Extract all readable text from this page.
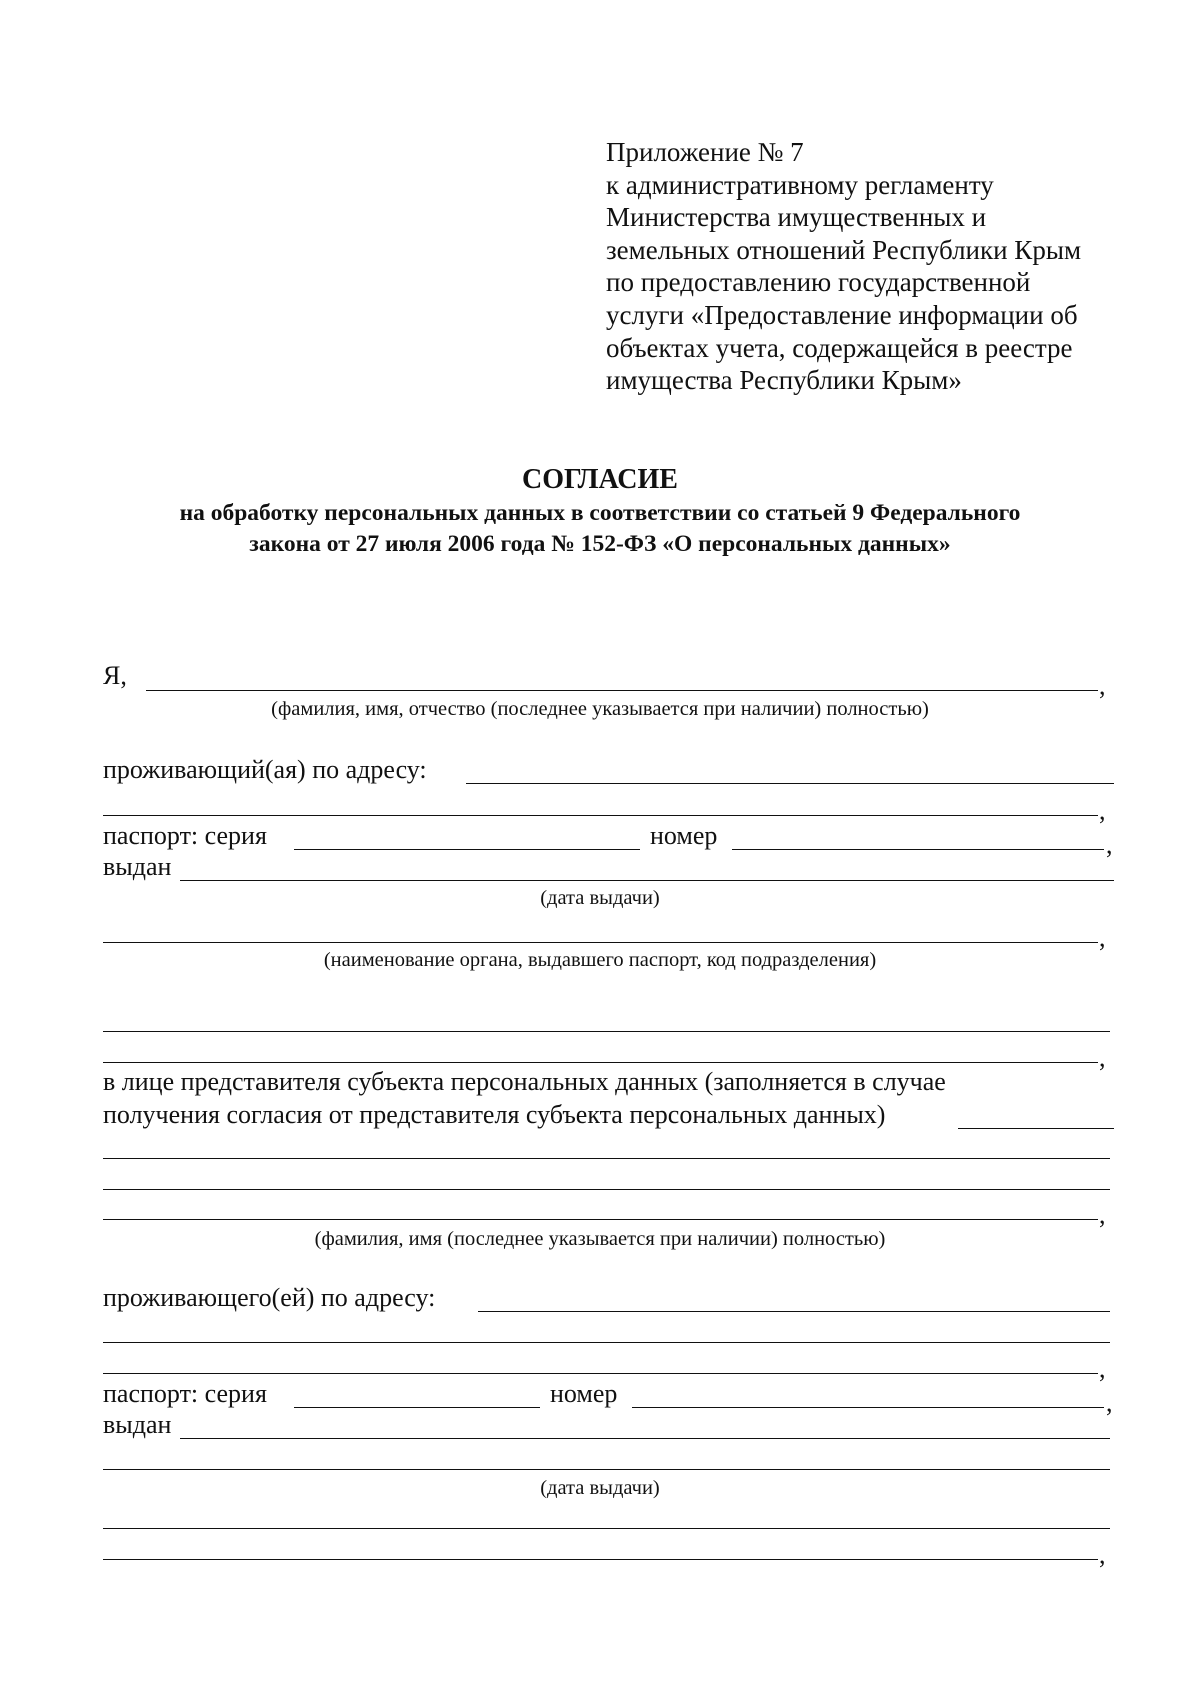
Приложение № 7
к административному регламенту
Министерства имущественных и
земельных отношений Республики Крым
по предоставлению государственной
услуги «Предоставление информации об
объектах учета, содержащейся в реестре
имущества Республики Крым»
СОГЛАСИЕ
на обработку персональных данных в соответствии со статьей 9 Федерального
закона от 27 июля 2006 года № 152-ФЗ «О персональных данных»
Я,	,
(фамилия, имя, отчество (последнее указывается при наличии) полностью)
проживающий(ая) по адресу:
,
паспорт: серия	номер	,
выдан
(дата выдачи)
,
(наименование органа, выдавшего паспорт, код подразделения)
,
в лице представителя субъекта персональных данных (заполняется в случае
получения согласия от представителя субъекта персональных данных)
,
(фамилия, имя (последнее указывается при наличии) полностью)
проживающего(ей) по адресу:
,
паспорт: серия	номер	,
выдан
(дата выдачи)
,
